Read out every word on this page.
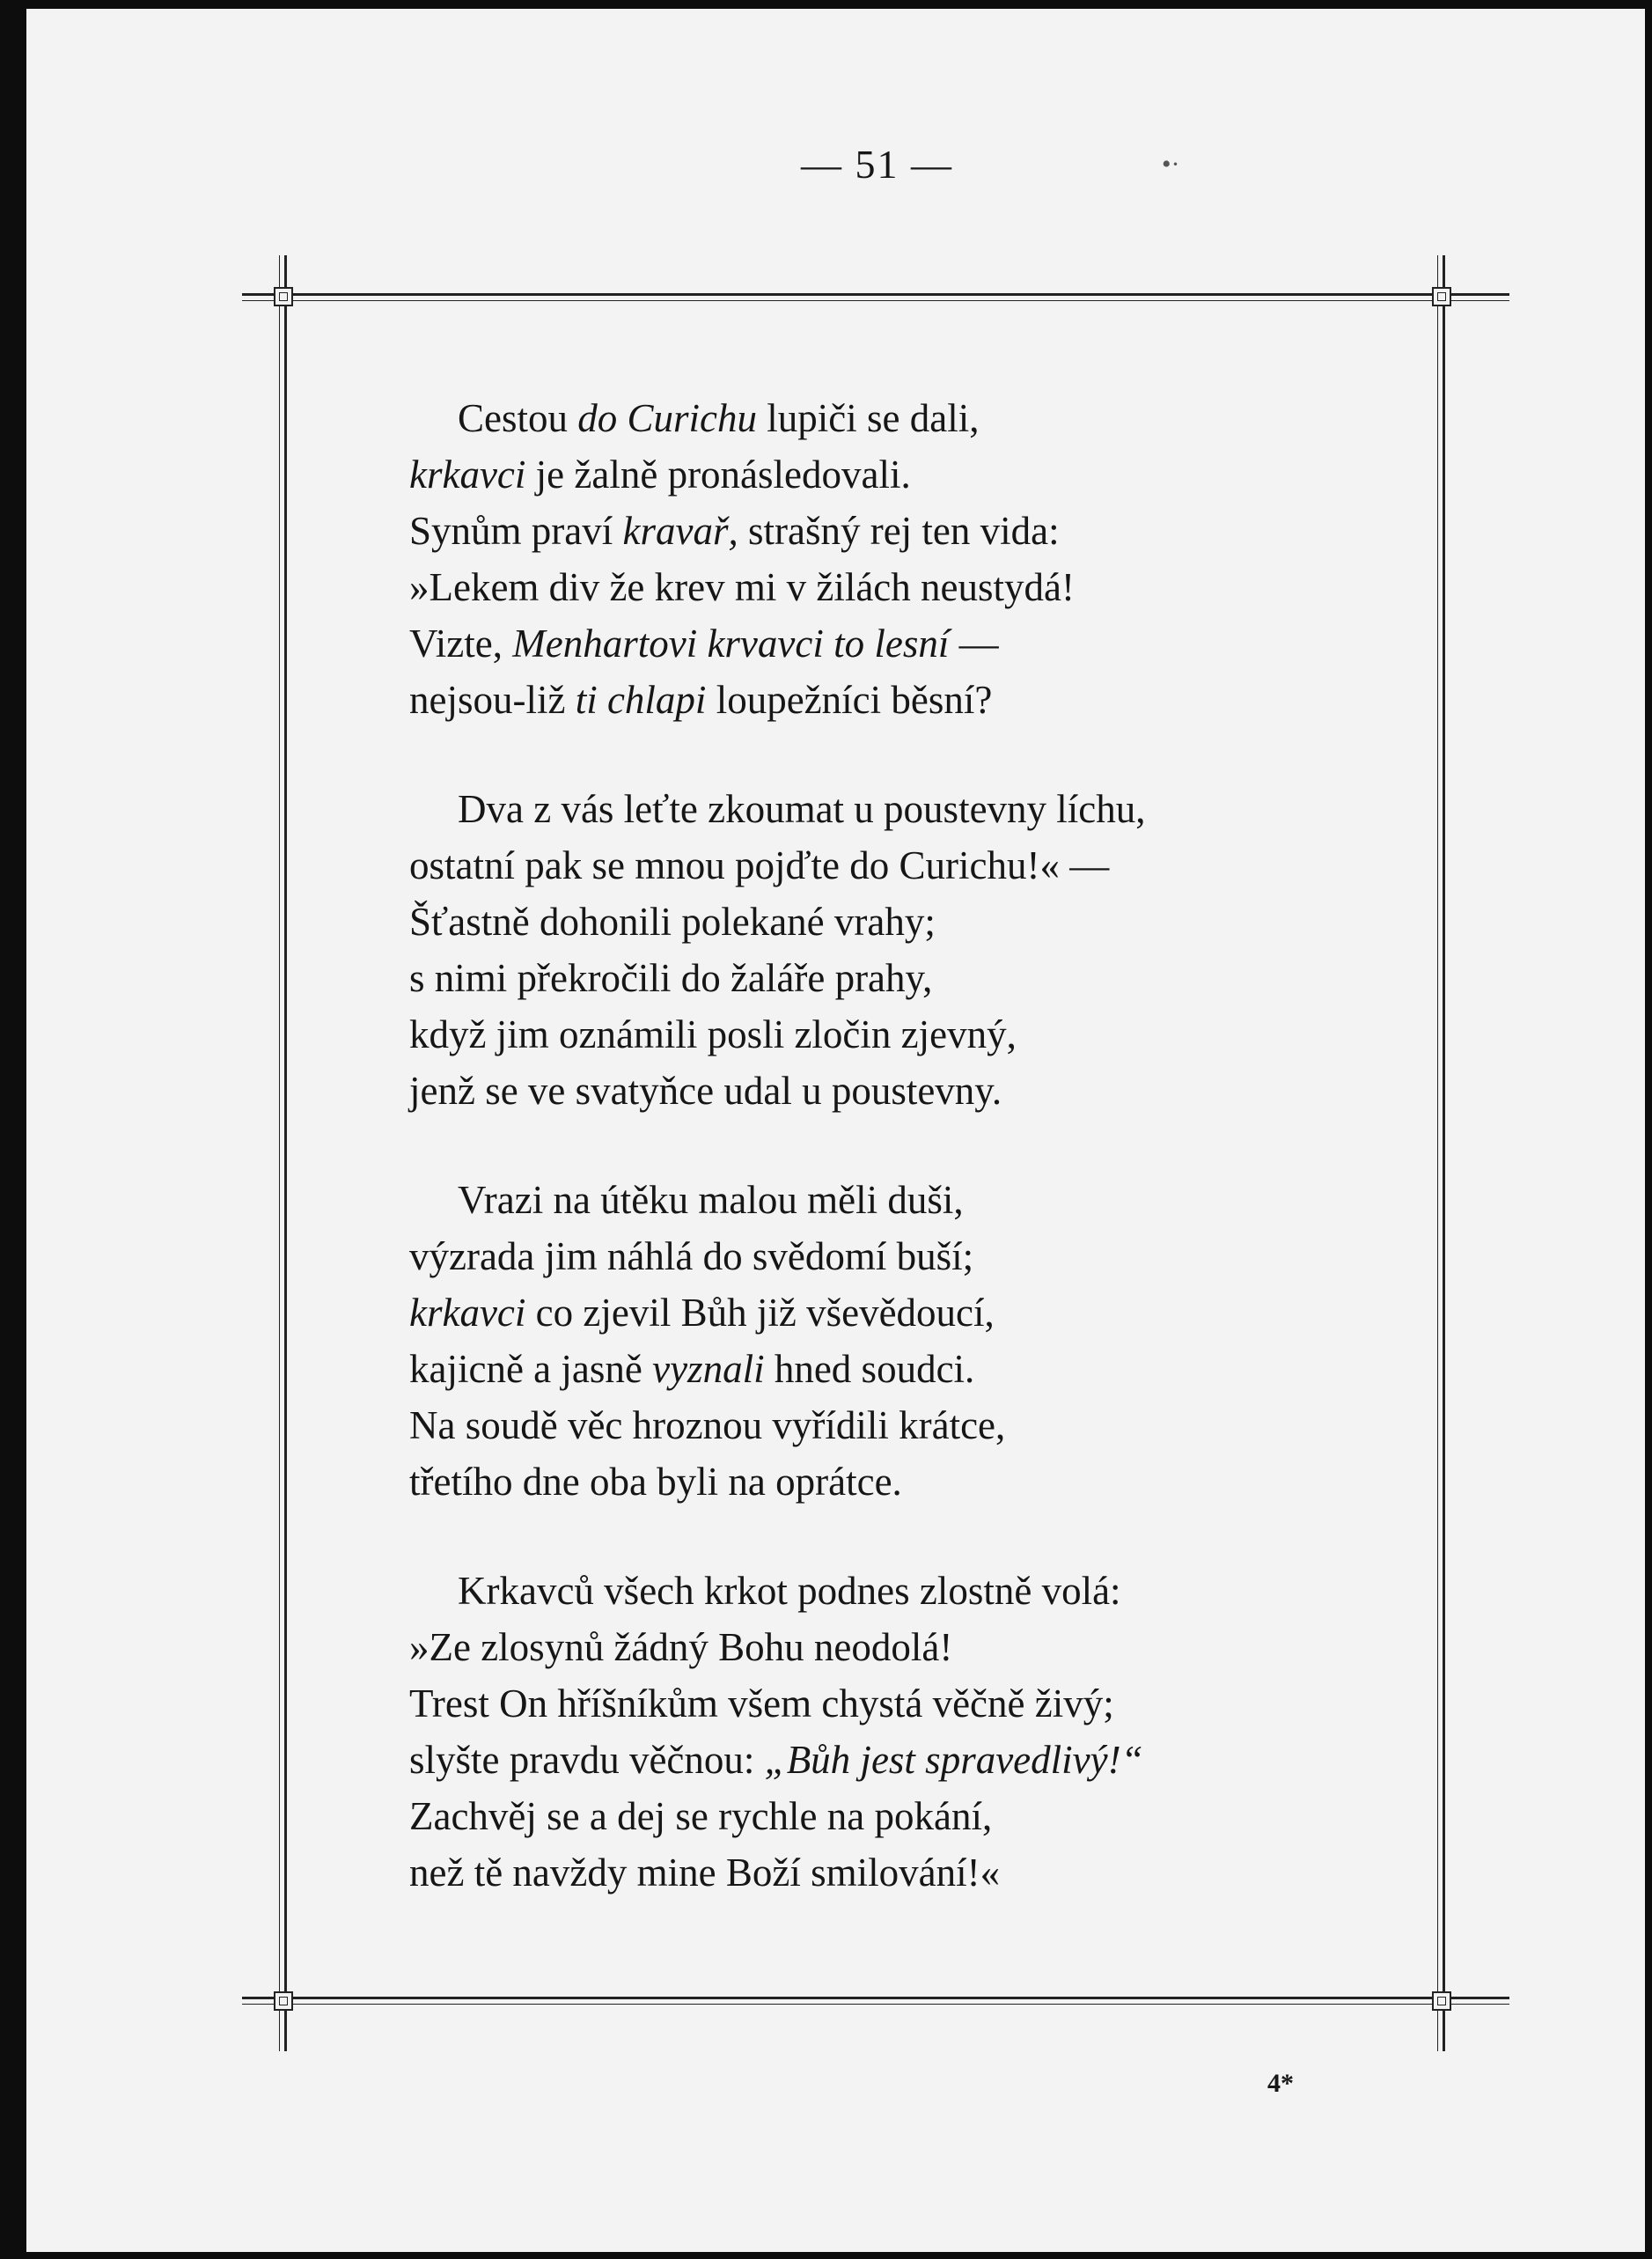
— 51 —	•·
Cestou do Curichu lupiči se dali,
krkavci je žalně pronásledovali.
Synům praví kravař, strašný rej ten vida:
»Lekem div že krev mi v žilách neustydá!
Vizte, Menhartovi krvavci to lesní —
nejsou-liž ti chlapi loupežníci běsní?
Dva z vás leťte zkoumat u poustevny líchu,
ostatní pak se mnou pojďte do Curichu!« —
Šťastně dohonili polekané vrahy;
s nimi překročili do žaláře prahy,
když jim oznámili posli zločin zjevný,
jenž se ve svatyňce udal u poustevny.
Vrazi na útěku malou měli duši,
výzrada jim náhlá do svědomí buší;
krkavci co zjevil Bůh již vševědoucí,
kajicně a jasně vyznali hned soudci.
Na soudě věc hroznou vyřídili krátce,
třetího dne oba byli na oprátce.
Krkavců všech krkot podnes zlostně volá:
»Ze zlosynů žádný Bohu neodolá!
Trest On hříšníkům všem chystá věčně živý;
slyšte pravdu věčnou: „Bůh jest spravedlivý!“
Zachvěj se a dej se rychle na pokání,
než tě navždy mine Boží smilování!«
4*
